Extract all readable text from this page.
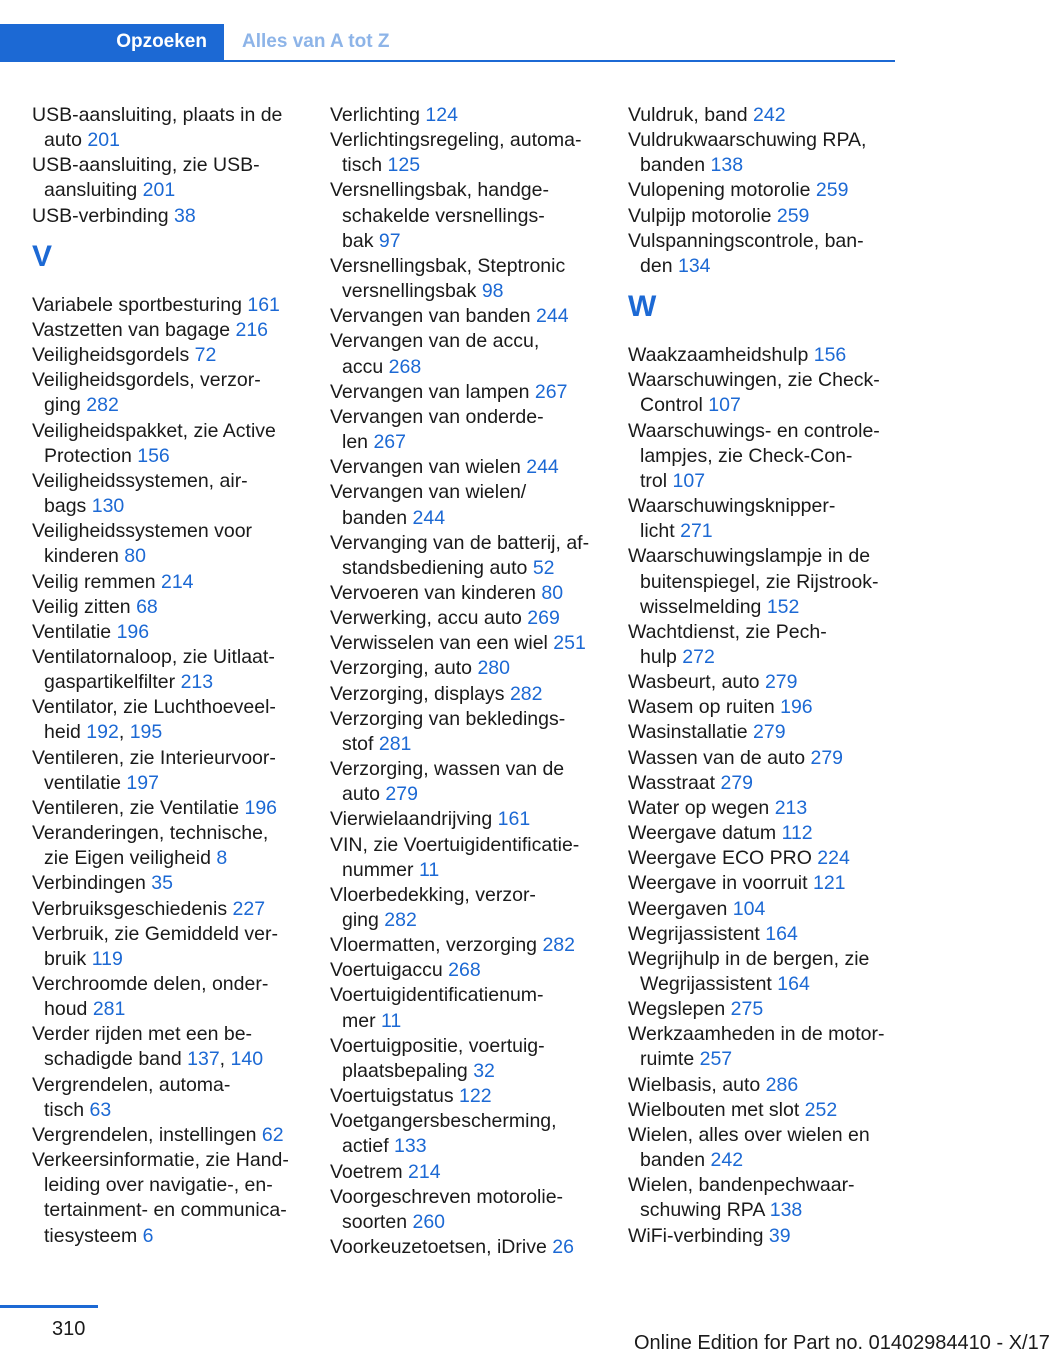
Opzoeken	Alles van A tot Z
USB-aansluiting, plaats in de
auto 201
USB-aansluiting, zie USB-
aansluiting 201
USB-verbinding 38
V
Variabele sportbesturing 161
Vastzetten van bagage 216
Veiligheidsgordels 72
Veiligheidsgordels, verzor-
ging 282
Veiligheidspakket, zie Active
Protection 156
Veiligheidssystemen, air-
bags 130
Veiligheidssystemen voor
kinderen 80
Veilig remmen 214
Veilig zitten 68
Ventilatie 196
Ventilatornaloop, zie Uitlaat-
gaspartikelfilter 213
Ventilator, zie Luchthoeveel-
heid 192, 195
Ventileren, zie Interieurvoor-
ventilatie 197
Ventileren, zie Ventilatie 196
Veranderingen, technische,
zie Eigen veiligheid 8
Verbindingen 35
Verbruiksgeschiedenis 227
Verbruik, zie Gemiddeld ver-
bruik 119
Verchroomde delen, onder-
houd 281
Verder rijden met een be-
schadigde band 137, 140
Vergrendelen, automa-
tisch 63
Vergrendelen, instellingen 62
Verkeersinformatie, zie Hand-
leiding over navigatie-, en-
tertainment- en communica-
tiesysteem 6
Verlichting 124
Verlichtingsregeling, automa-
tisch 125
Versnellingsbak, handge-
schakelde versnellings-
bak 97
Versnellingsbak, Steptronic
versnellingsbak 98
Vervangen van banden 244
Vervangen van de accu,
accu 268
Vervangen van lampen 267
Vervangen van onderde-
len 267
Vervangen van wielen 244
Vervangen van wielen/
banden 244
Vervanging van de batterij, af-
standsbediening auto 52
Vervoeren van kinderen 80
Verwerking, accu auto 269
Verwisselen van een wiel 251
Verzorging, auto 280
Verzorging, displays 282
Verzorging van bekledings-
stof 281
Verzorging, wassen van de
auto 279
Vierwielaandrijving 161
VIN, zie Voertuigidentificatie-
nummer 11
Vloerbedekking, verzor-
ging 282
Vloermatten, verzorging 282
Voertuigaccu 268
Voertuigidentificatienum-
mer 11
Voertuigpositie, voertuig-
plaatsbepaling 32
Voertuigstatus 122
Voetgangersbescherming,
actief 133
Voetrem 214
Voorgeschreven motorolie-
soorten 260
Voorkeuzetoetsen, iDrive 26
Vuldruk, band 242
Vuldrukwaarschuwing RPA,
banden 138
Vulopening motorolie 259
Vulpijp motorolie 259
Vulspanningscontrole, ban-
den 134
W
Waakzaamheidshulp 156
Waarschuwingen, zie Check-
Control 107
Waarschuwings- en controle-
lampjes, zie Check-Con-
trol 107
Waarschuwingsknipper-
licht 271
Waarschuwingslampje in de
buitenspiegel, zie Rijstrook-
wisselmelding 152
Wachtdienst, zie Pech-
hulp 272
Wasbeurt, auto 279
Wasem op ruiten 196
Wasinstallatie 279
Wassen van de auto 279
Wasstraat 279
Water op wegen 213
Weergave datum 112
Weergave ECO PRO 224
Weergave in voorruit 121
Weergaven 104
Wegrijassistent 164
Wegrijhulp in de bergen, zie
Wegrijassistent 164
Wegslepen 275
Werkzaamheden in de motor-
ruimte 257
Wielbasis, auto 286
Wielbouten met slot 252
Wielen, alles over wielen en
banden 242
Wielen, bandenpechwaar-
schuwing RPA 138
WiFi-verbinding 39
310
Online Edition for Part no. 01402984410 - X/17
